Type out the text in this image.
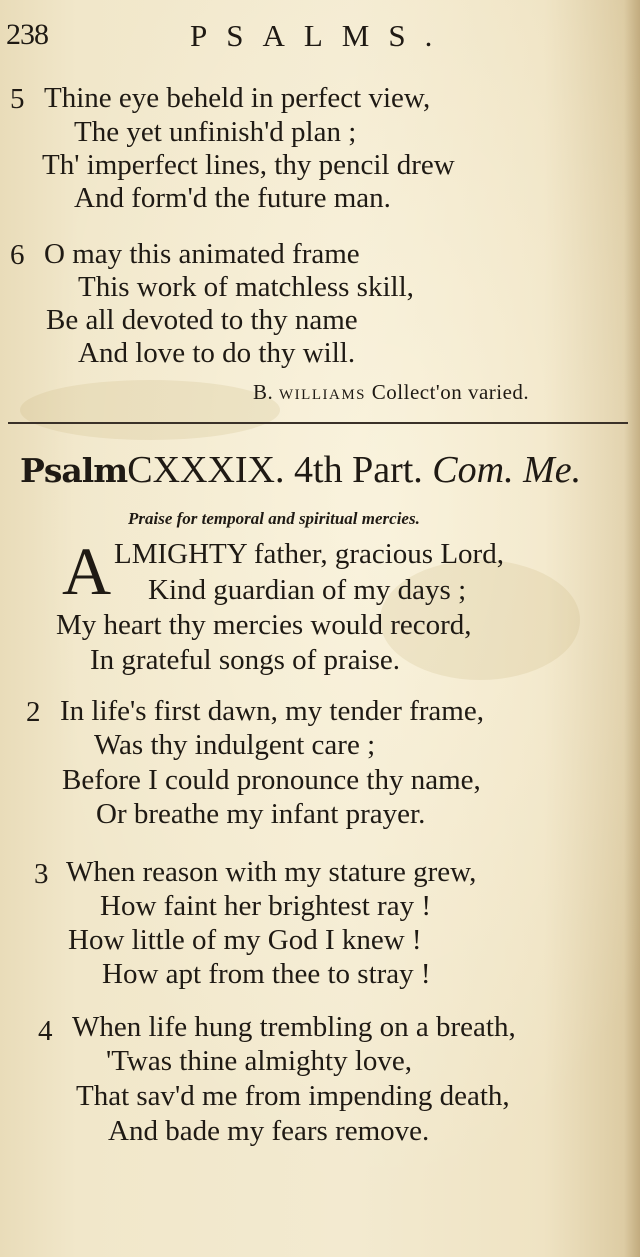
238	PSALMS.
5 Thine eye beheld in perfect view,
The yet unfinish'd plan ;
Th' imperfect lines, thy pencil drew
And form'd the future man.
6 O may this animated frame
This work of matchless skill,
Be all devoted to thy name
And love to do thy will.
B. WILLIAMS Collect'on varied.
PsalmCXXXIX. 4th Part. Com. Me.
Praise for temporal and spiritual mercies.
A LMIGHTY father, gracious Lord,
Kind guardian of my days ;
My heart thy mercies would record,
In grateful songs of praise.
2 In life's first dawn, my tender frame,
Was thy indulgent care ;
Before I could pronounce thy name,
Or breathe my infant prayer.
3 When reason with my stature grew,
How faint her brightest ray !
How little of my God I knew !
How apt from thee to stray !
4 When life hung trembling on a breath,
'Twas thine almighty love,
That sav'd me from impending death,
And bade my fears remove.
